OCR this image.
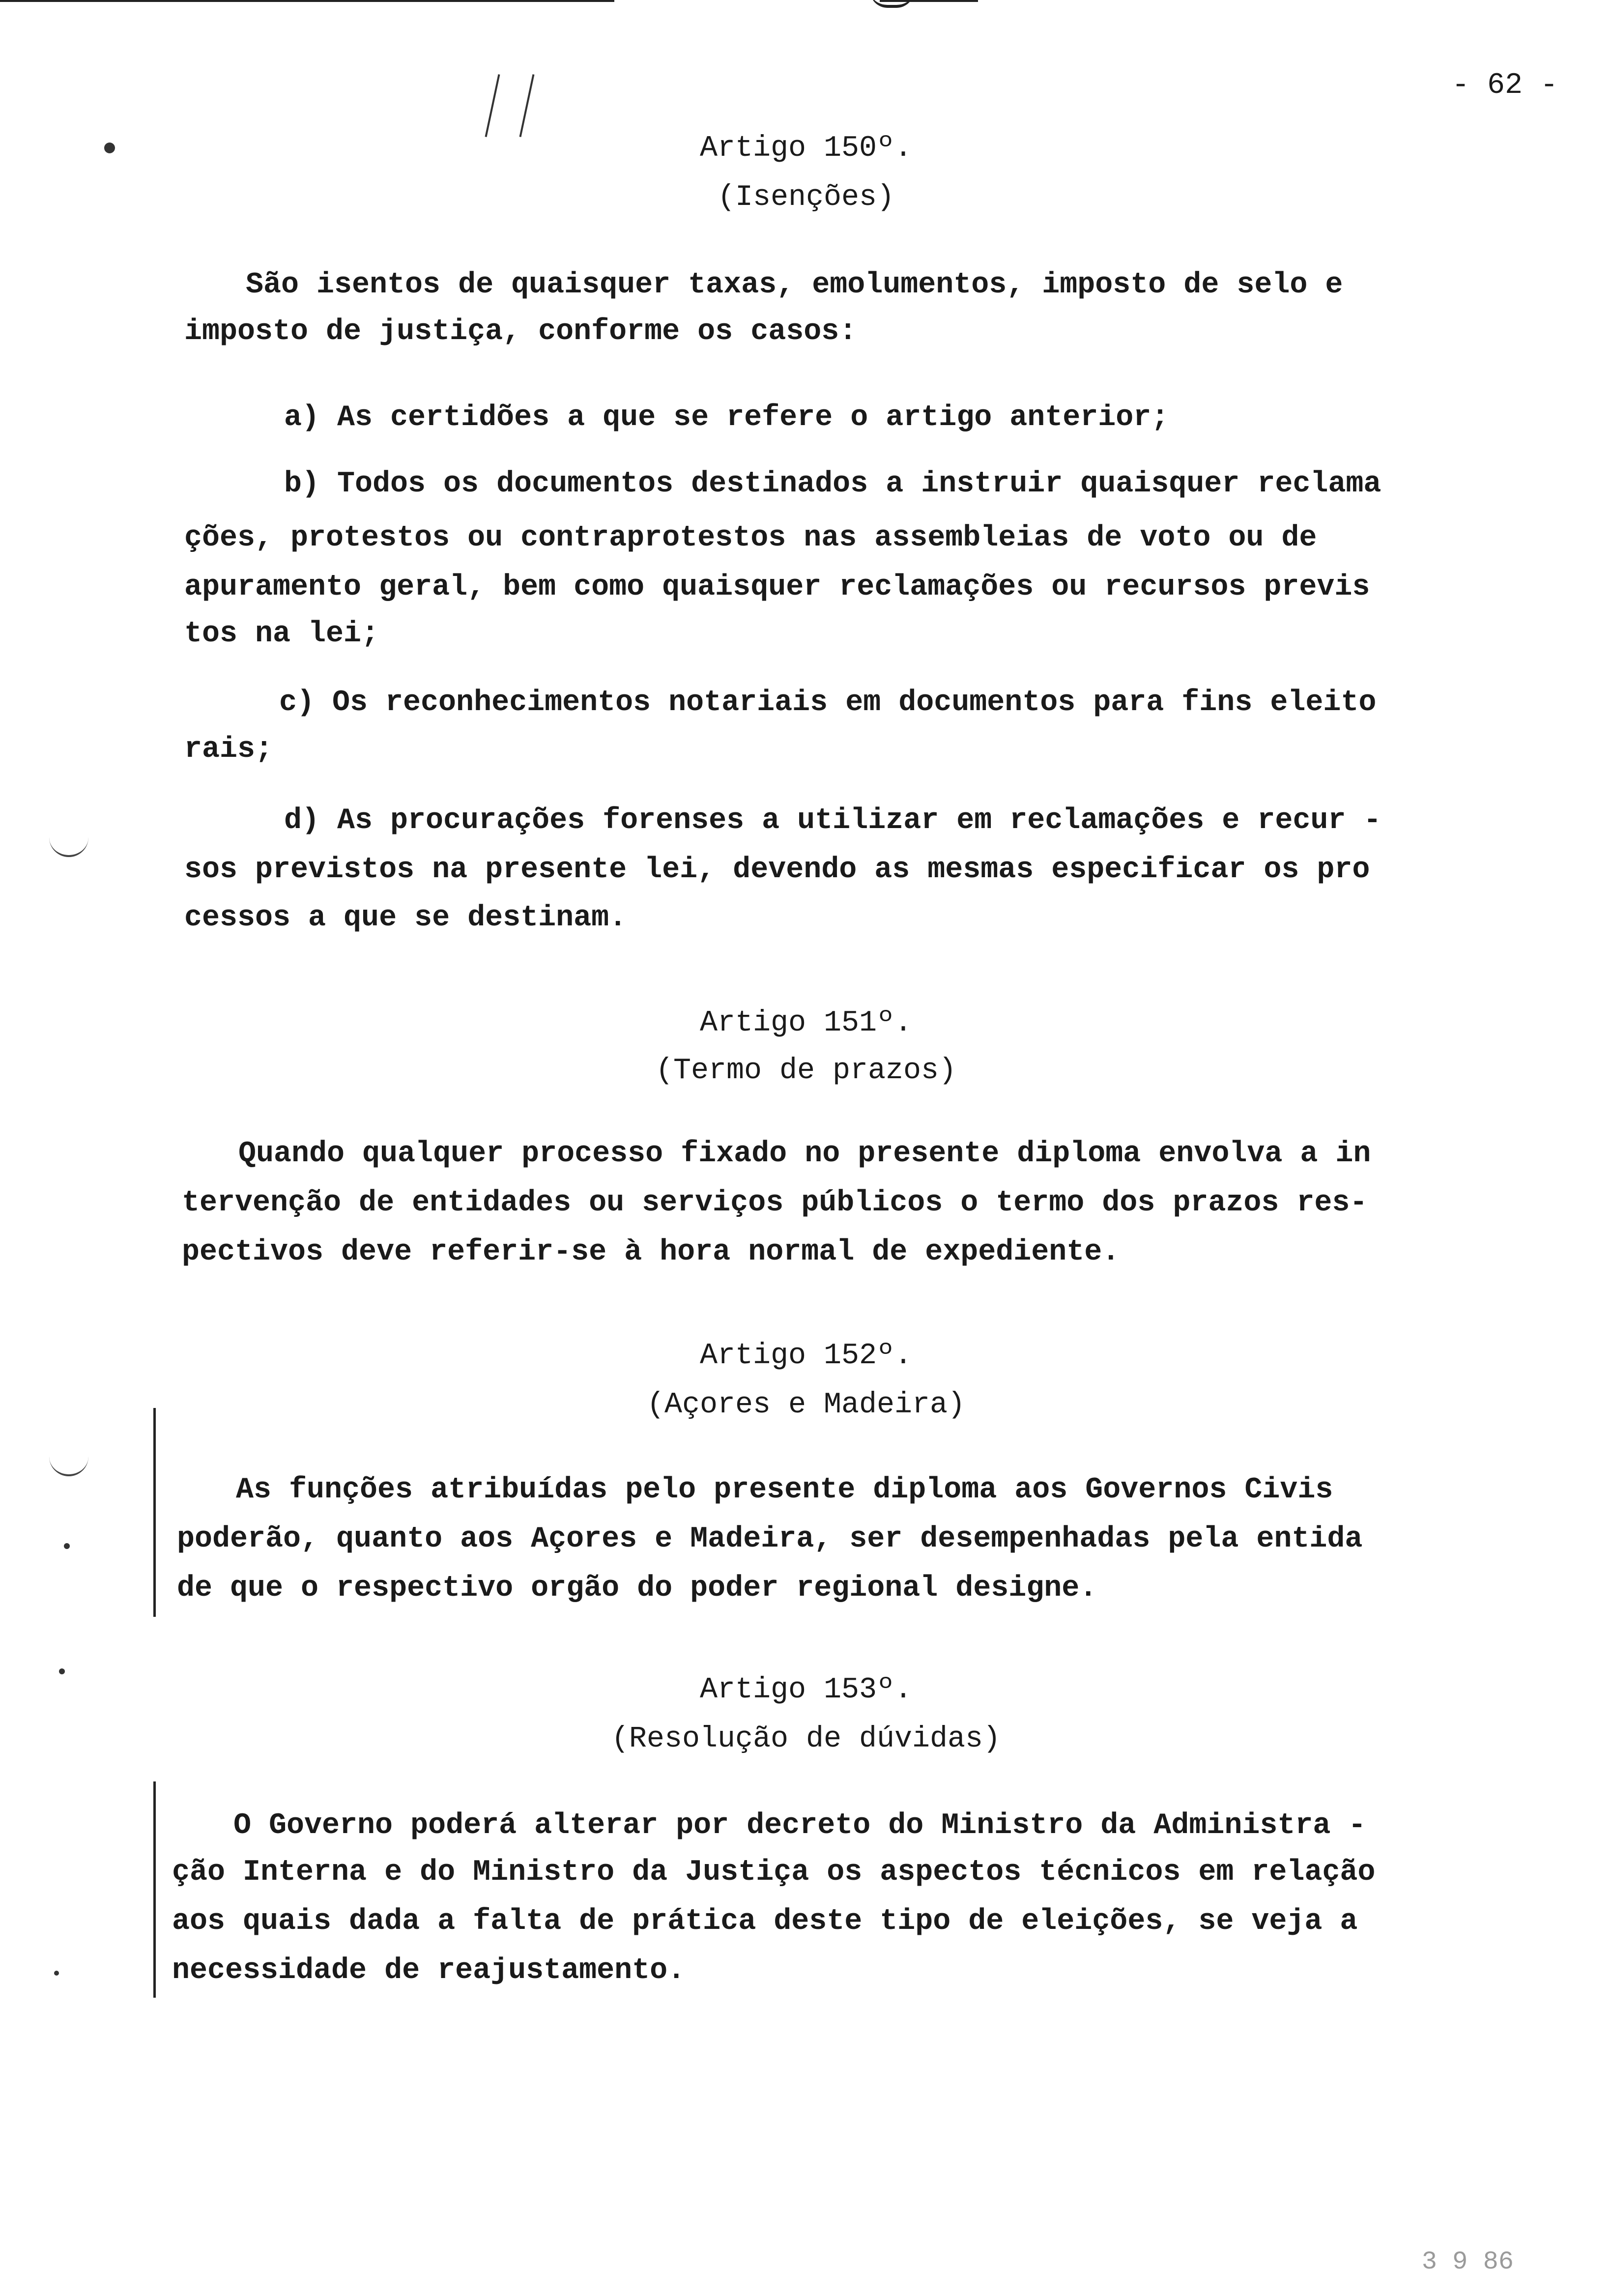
- 62 -
Artigo 150º.
(Isenções)
São isentos de quaisquer taxas, emolumentos, imposto de selo e
imposto de justiça, conforme os casos:
a) As certidões a que se refere o artigo anterior;
b) Todos os documentos destinados a instruir quaisquer reclama
ções, protestos ou contraprotestos nas assembleias de voto ou de
apuramento geral, bem como quaisquer reclamações ou recursos previs
tos na lei;
c) Os reconhecimentos notariais em documentos para fins eleito
rais;
d) As procurações forenses a utilizar em reclamações e recur -
sos previstos na presente lei, devendo as mesmas especificar os pro
cessos a que se destinam.
Artigo 151º.
(Termo de prazos)
Quando qualquer processo fixado no presente diploma envolva a in
tervenção de entidades ou serviços públicos o termo dos prazos res-
pectivos deve referir-se à hora normal de expediente.
Artigo 152º.
(Açores e Madeira)
As funções atribuídas pelo presente diploma aos Governos Civis
poderão, quanto aos Açores e Madeira, ser desempenhadas pela entida
de que o respectivo orgão do poder regional designe.
Artigo 153º.
(Resolução de dúvidas)
O Governo poderá alterar por decreto do Ministro da Administra -
ção Interna e do Ministro da Justiça os aspectos técnicos em relação
aos quais dada a falta de prática deste tipo de eleições, se veja a
necessidade de reajustamento.
3 9 86
